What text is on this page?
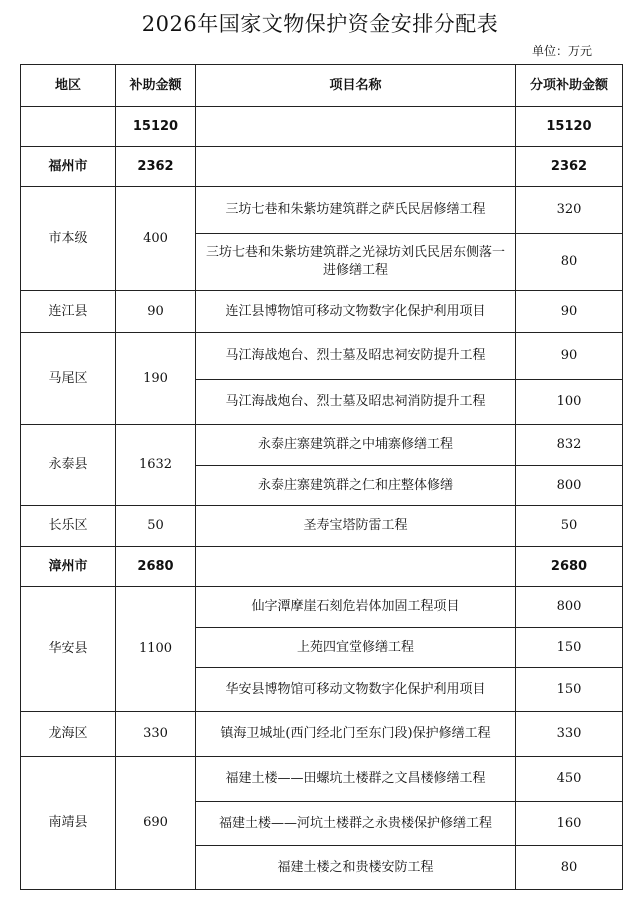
2026年国家文物保护资金安排分配表
单位：万元
地区	补助金额	项目名称	分项补助金额
	15120		15120
福州市	2362		2362
市本级	400	三坊七巷和朱紫坊建筑群之萨氏民居修缮工程	320
		三坊七巷和朱紫坊建筑群之光禄坊刘氏民居东侧落一进修缮工程	80
连江县	90	连江县博物馆可移动文物数字化保护利用项目	90
马尾区	190	马江海战炮台、烈士墓及昭忠祠安防提升工程	90
		马江海战炮台、烈士墓及昭忠祠消防提升工程	100
永泰县	1632	永泰庄寨建筑群之中埔寨修缮工程	832
		永泰庄寨建筑群之仁和庄整体修缮	800
长乐区	50	圣寿宝塔防雷工程	50
漳州市	2680		2680
华安县	1100	仙字潭摩崖石刻危岩体加固工程项目	800
		上苑四宜堂修缮工程	150
		华安县博物馆可移动文物数字化保护利用项目	150
龙海区	330	镇海卫城址(西门经北门至东门段)保护修缮工程	330
南靖县	690	福建土楼——田螺坑土楼群之文昌楼修缮工程	450
		福建土楼——河坑土楼群之永贵楼保护修缮工程	160
		福建土楼之和贵楼安防工程	80
